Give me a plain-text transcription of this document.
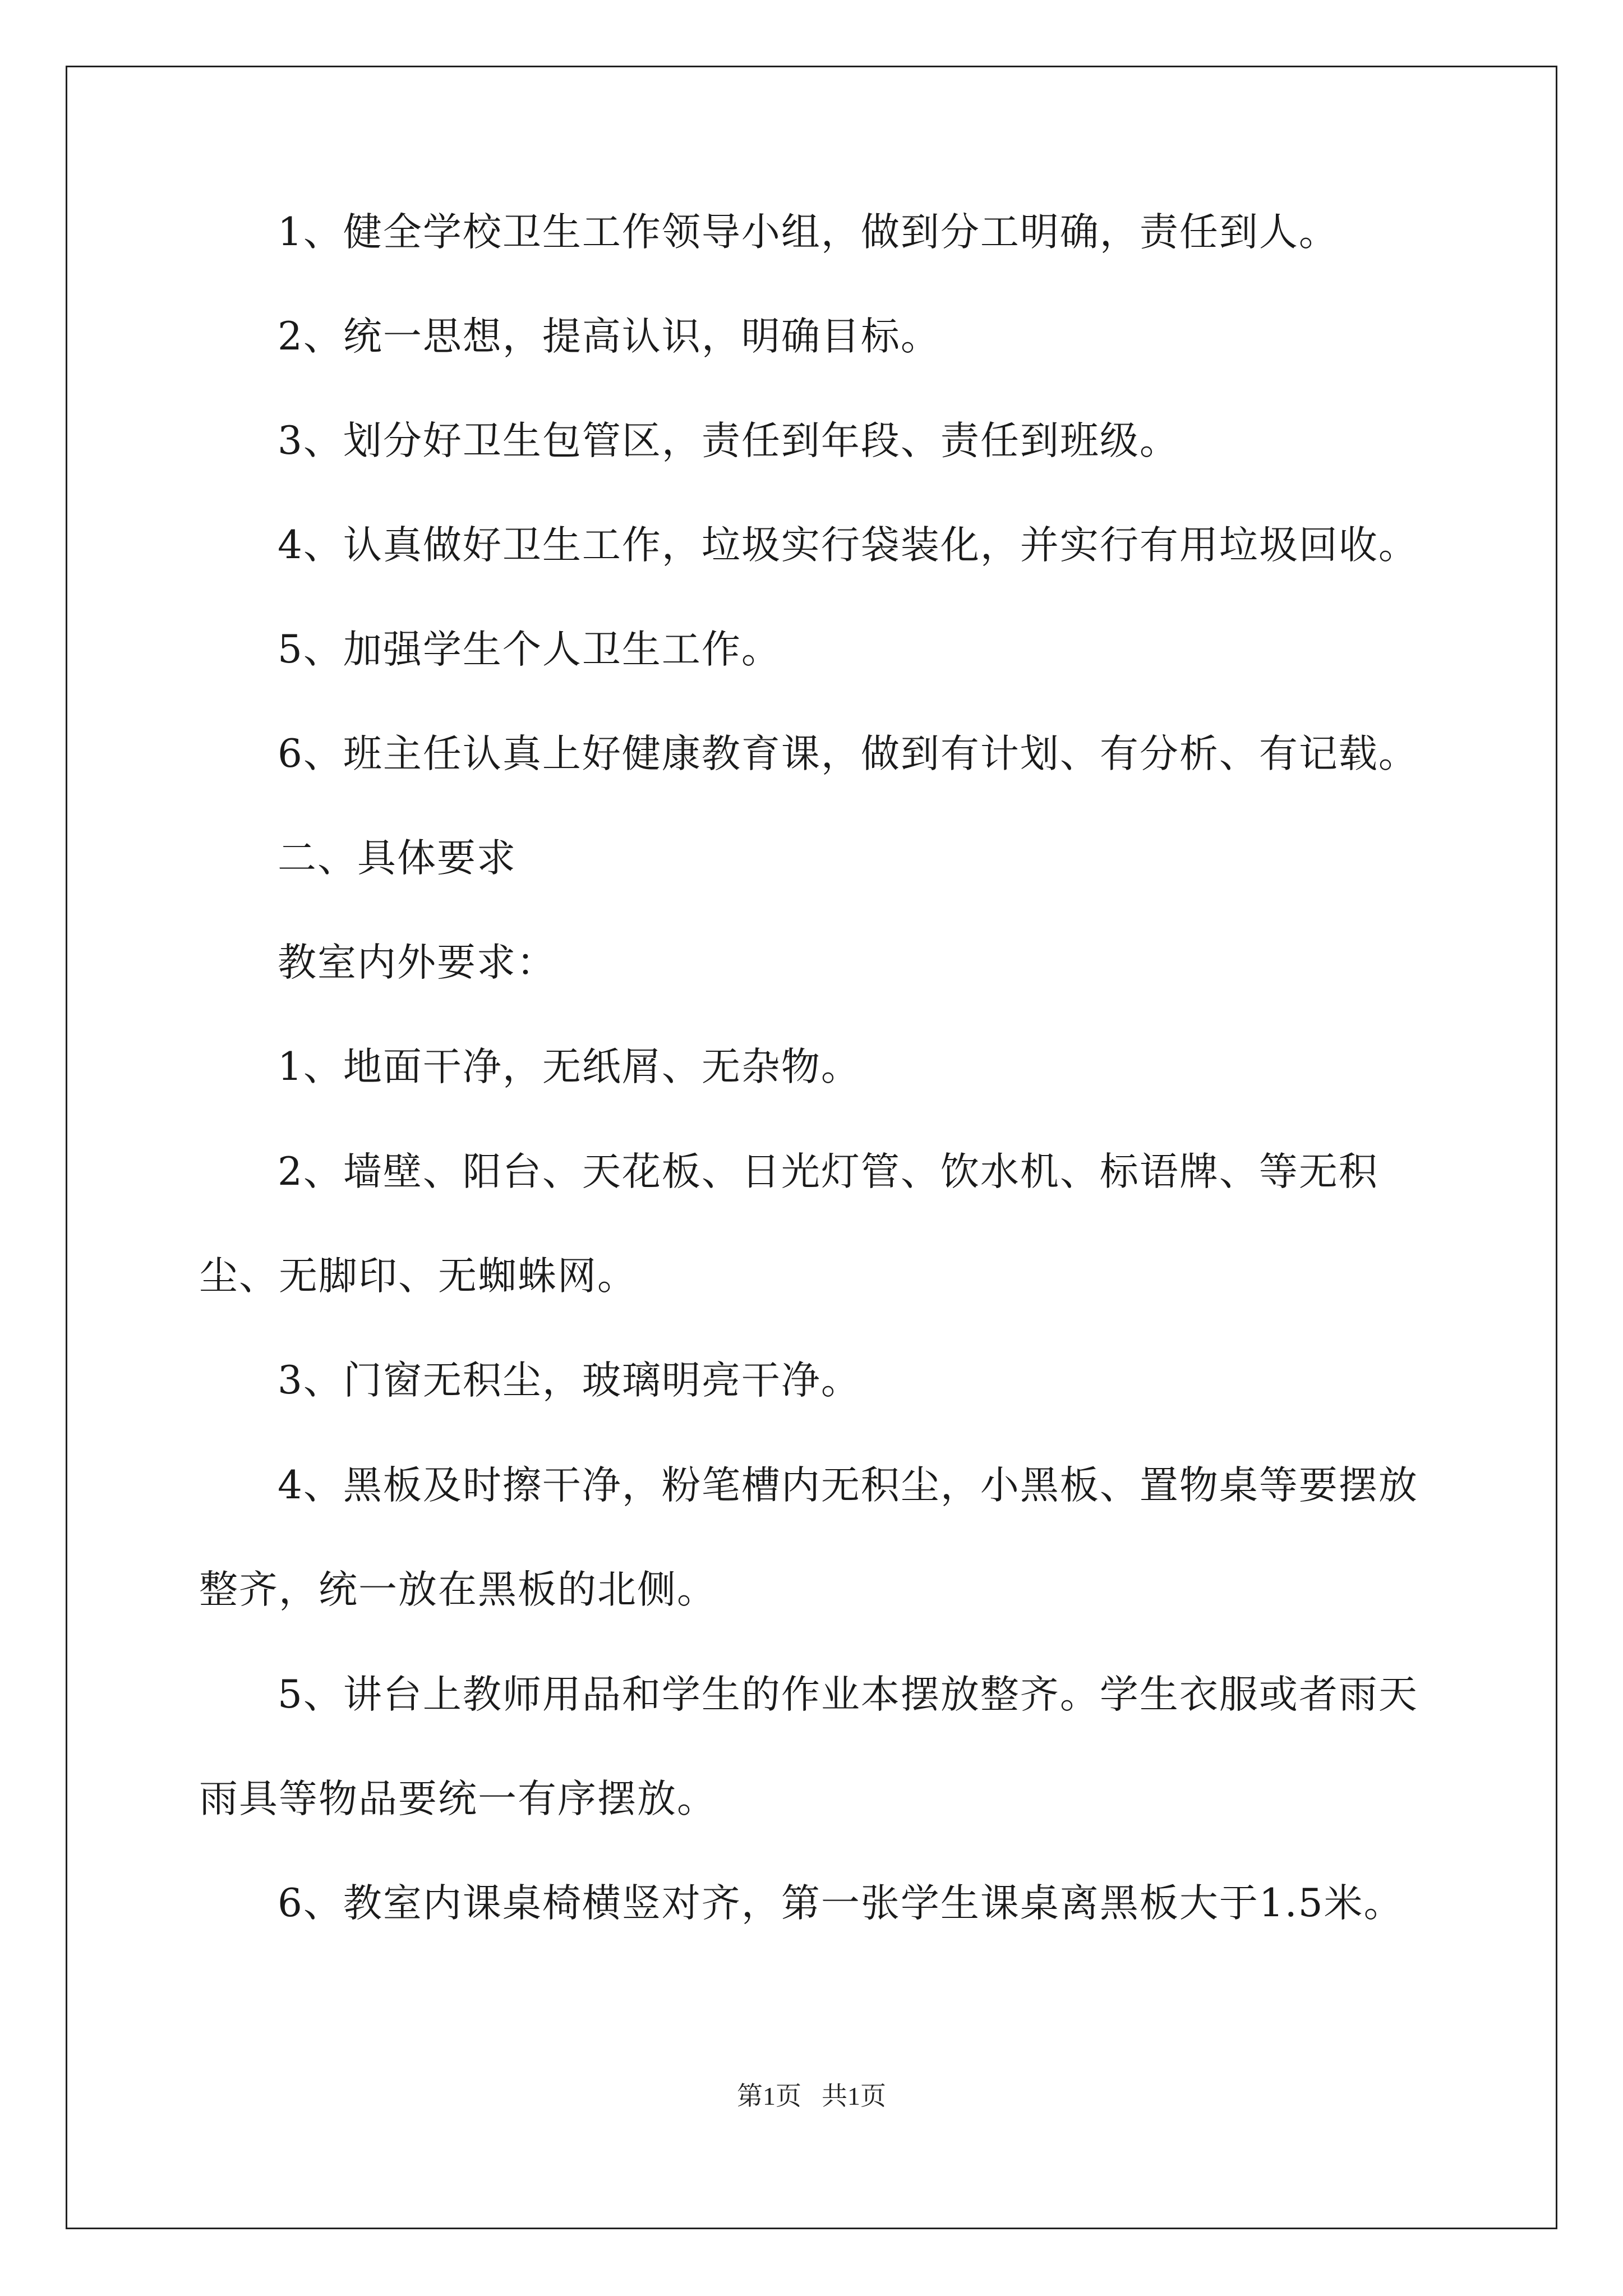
1、健全学校卫生工作领导小组，做到分工明确，责任到人。

2、统一思想，提高认识，明确目标。

3、划分好卫生包管区，责任到年段、责任到班级。

4、认真做好卫生工作，垃圾实行袋装化，并实行有用垃圾回收。

5、加强学生个人卫生工作。

6、班主任认真上好健康教育课，做到有计划、有分析、有记载。

二、具体要求

教室内外要求：

1、地面干净，无纸屑、无杂物。

2、墙壁、阳台、天花板、日光灯管、饮水机、标语牌、等无积尘、无脚印、无蜘蛛网。

3、门窗无积尘，玻璃明亮干净。

4、黑板及时擦干净，粉笔槽内无积尘，小黑板、置物桌等要摆放整齐，统一放在黑板的北侧。

5、讲台上教师用品和学生的作业本摆放整齐。学生衣服或者雨天雨具等物品要统一有序摆放。

6、教室内课桌椅横竖对齐，第一张学生课桌离黑板大于1.5米。

第1页 共1页
